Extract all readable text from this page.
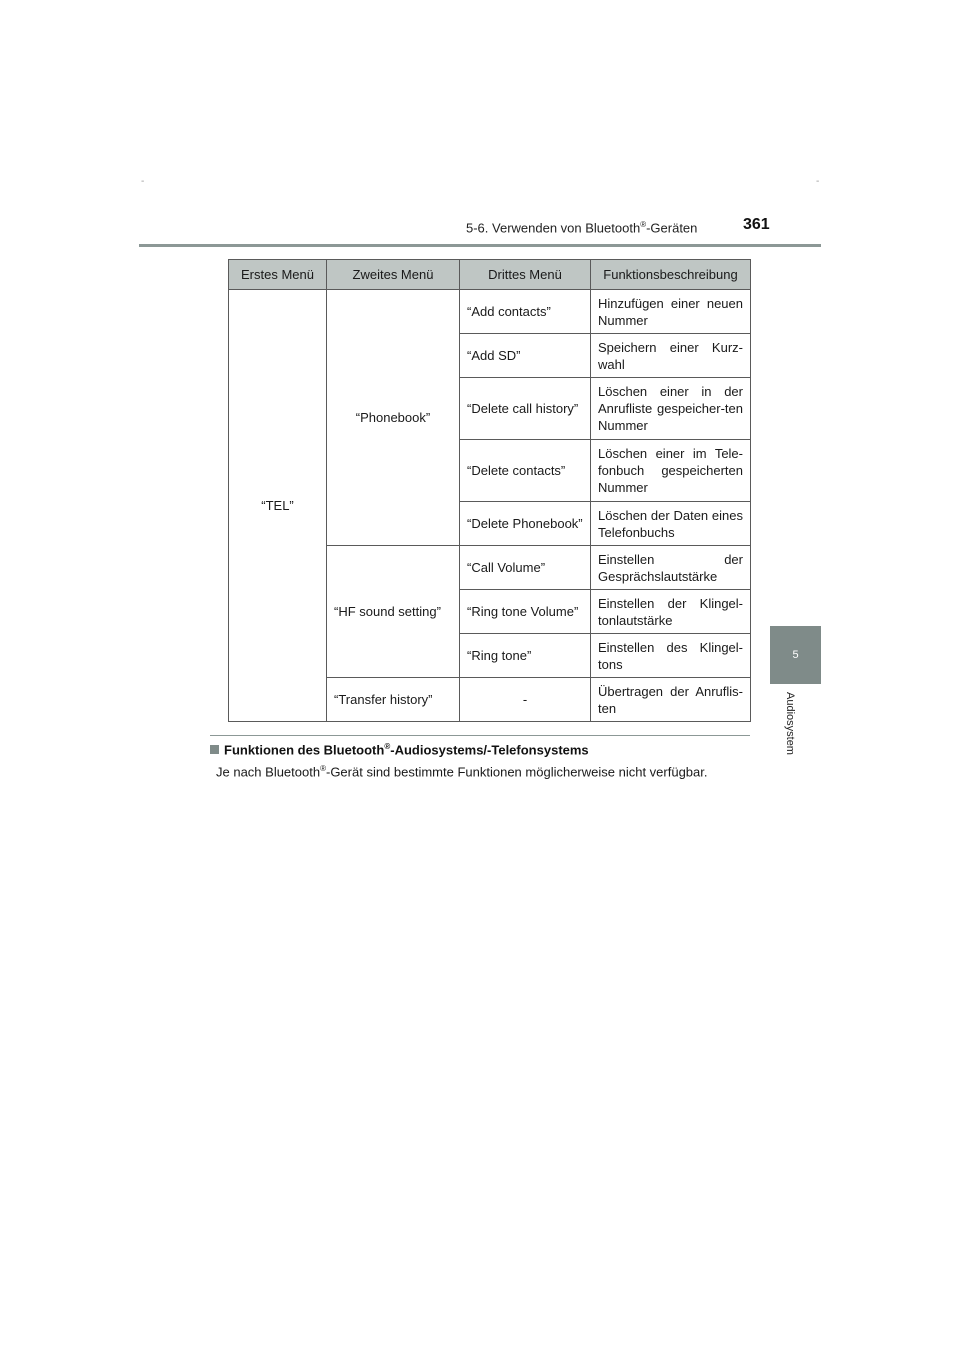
-	-
5-6. Verwenden von Bluetooth®-Geräten	361
5
Audiosystem
Erstes Menü	Zweites Menü	Drittes Menü	Funktionsbeschreibung
“TEL”	“Phonebook”	“Add contacts”	Hinzufügen einer neuen Nummer
		“Add SD”	Speichern einer Kurz-wahl
		“Delete call history”	Löschen einer in der Anrufliste gespeicher-ten Nummer
		“Delete contacts”	Löschen einer im Tele-fonbuch gespeicherten Nummer
		“Delete Phonebook”	Löschen der Daten eines Telefonbuchs
	“HF sound setting”	“Call Volume”	Einstellen der Gesprächslautstärke
		“Ring tone Volume”	Einstellen der Klingel-tonlautstärke
		“Ring tone”	Einstellen des Klingel-tons
	“Transfer history”	-	Übertragen der Anruflis-ten
Funktionen des Bluetooth®-Audiosystems/-Telefonsystems
Je nach Bluetooth®-Gerät sind bestimmte Funktionen möglicherweise nicht verfügbar.
